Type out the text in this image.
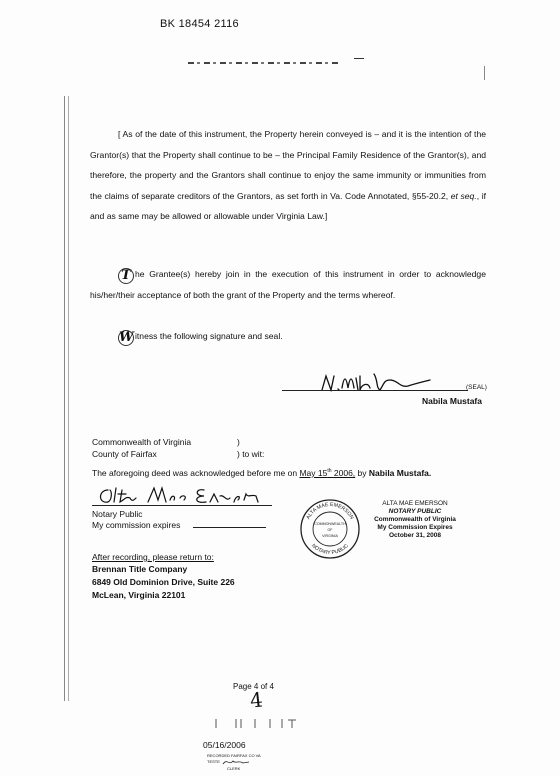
BK 18454 2116
[ As of the date of this instrument, the Property herein conveyed is – and it is the intention of the Grantor(s) that the Property shall continue to be – the Principal Family Residence of the Grantor(s), and therefore, the property and the Grantors shall continue to enjoy the same immunity or immunities from the claims of separate creditors of the Grantors, as set forth in Va. Code Annotated, §55-20.2, et seq., if and as same may be allowed or allowable under Virginia Law.]
T he Grantee(s) hereby join in the execution of this instrument in order to acknowledge his/her/their acceptance of both the grant of the Property and the terms whereof.
Witness the following signature and seal.
(SEAL)
Nabila Mustafa
Commonwealth of Virginia	)
County of Fairfax	) to wit:
The aforegoing deed was acknowledged before me on May 15th 2006, by Nabila Mustafa.
Notary Public
My commission expires
ALTA MAE EMERSON
NOTARY PUBLIC
COMMONWEALTH
OF
VIRGINIA
ALTA MAE EMERSON
NOTARY PUBLIC
Commonwealth of Virginia
My Commission Expires
October 31, 2008
After recording, please return to:
Brennan Title Company
6849 Old Dominion Drive, Suite 226
McLean, Virginia 22101
Page 4 of 4
4
05/16/2006
RECORDED FAIRFAX CO VA
TESTE
CLERK
